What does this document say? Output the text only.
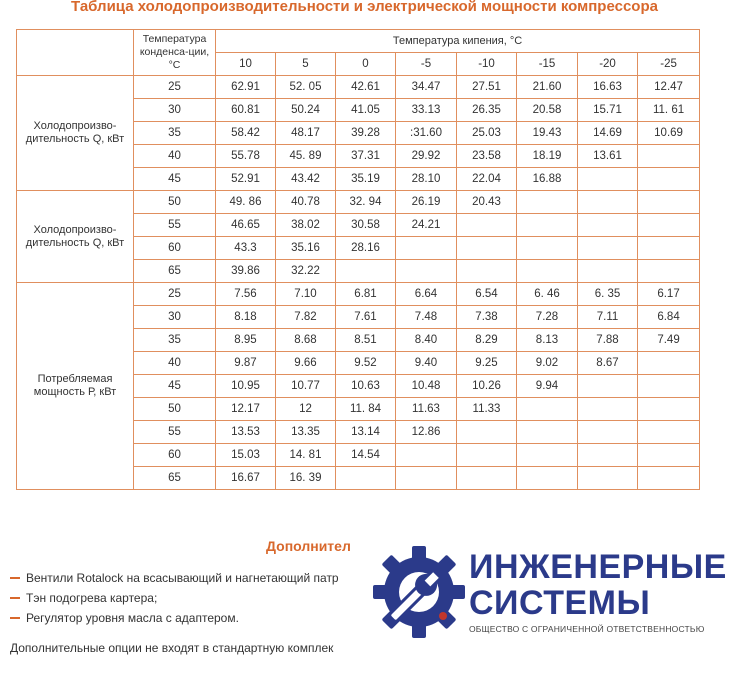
Таблица холодопроизводительности и электрической мощности компрессора
	Температура конденса-ции, °С	Температура кипения, °С							
		10	5	0	-5	-10	-15	-20	-25
Холодопроизво-дительность Q, кВт	25	62.91	52. 05	42.61	34.47	27.51	21.60	16.63	12.47
	30	60.81	50.24	41.05	33.13	26.35	20.58	15.71	11. 61
	35	58.42	48.17	39.28	:31.60	25.03	19.43	14.69	10.69
	40	55.78	45. 89	37.31	29.92	23.58	18.19	13.61	
	45	52.91	43.42	35.19	28.10	22.04	16.88		
Холодопроизво-дительность Q, кВт	50	49. 86	40.78	32. 94	26.19	20.43			
	55	46.65	38.02	30.58	24.21				
	60	43.3	35.16	28.16					
	65	39.86	32.22						
Потребляемая мощность Р, кВт	25	7.56	7.10	6.81	6.64	6.54	6. 46	6. 35	6.17
	30	8.18	7.82	7.61	7.48	7.38	7.28	7.11	6.84
	35	8.95	8.68	8.51	8.40	8.29	8.13	7.88	7.49
	40	9.87	9.66	9.52	9.40	9.25	9.02	8.67	
	45	10.95	10.77	10.63	10.48	10.26	9.94		
	50	12.17	12	11. 84	11.63	11.33			
	55	13.53	13.35	13.14	12.86				
	60	15.03	14. 81	14.54					
	65	16.67	16. 39						
Дополнител
Вентили Rotalock на всасывающий и нагнетающий патр
Тэн подогрева картера;
Регулятор уровня масла с адаптером.
Дополнительные опции не входят в стандартную комплек
ИНЖЕНЕРНЫЕ
СИСТЕМЫ
ОБЩЕСТВО С ОГРАНИЧЕННОЙ ОТВЕТСТВЕННОСТЬЮ
